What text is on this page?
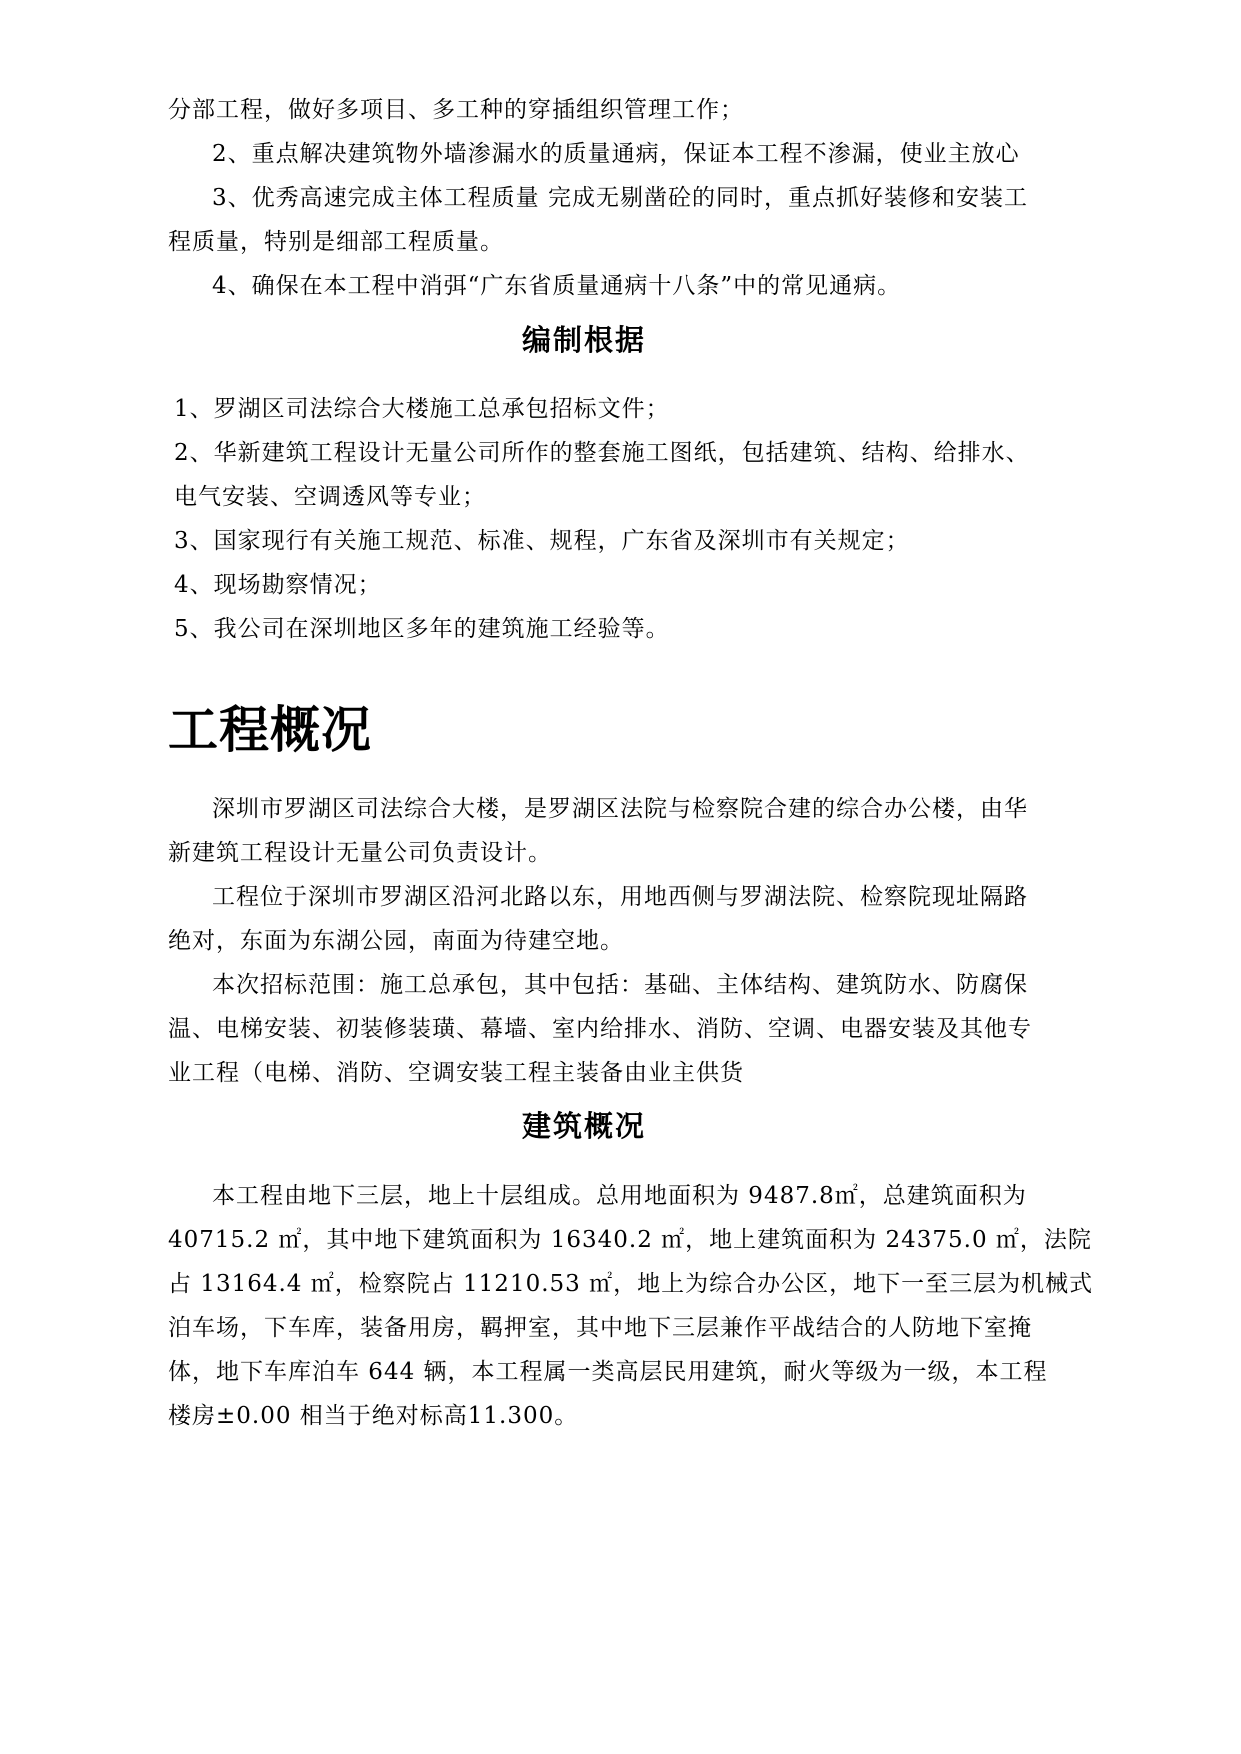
分部工程，做好多项目、多工种的穿插组织管理工作；

2、重点解决建筑物外墙渗漏水的质量通病，保证本工程不渗漏，使业主放心

3、优秀高速完成主体工程质量 完成无剔凿砼的同时，重点抓好装修和安装工

程质量，特别是细部工程质量。

4、确保在本工程中消弭“广东省质量通病十八条”中的常见通病。

编制根据

1、罗湖区司法综合大楼施工总承包招标文件；

2、华新建筑工程设计无量公司所作的整套施工图纸，包括建筑、结构、给排水、

电气安装、空调透风等专业；

3、国家现行有关施工规范、标准、规程，广东省及深圳市有关规定；

4、现场勘察情况；

5、我公司在深圳地区多年的建筑施工经验等。

工程概况

深圳市罗湖区司法综合大楼，是罗湖区法院与检察院合建的综合办公楼，由华

新建筑工程设计无量公司负责设计。

工程位于深圳市罗湖区沿河北路以东，用地西侧与罗湖法院、检察院现址隔路

绝对，东面为东湖公园，南面为待建空地。

本次招标范围：施工总承包，其中包括：基础、主体结构、建筑防水、防腐保

温、电梯安装、初装修装璜、幕墙、室内给排水、消防、空调、电器安装及其他专

业工程（电梯、消防、空调安装工程主装备由业主供货

建筑概况

本工程由地下三层，地上十层组成。总用地面积为 9487.8㎡，总建筑面积为

40715.2 ㎡，其中地下建筑面积为 16340.2 ㎡，地上建筑面积为 24375.0 ㎡，法院

占 13164.4 ㎡，检察院占 11210.53 ㎡，地上为综合办公区，地下一至三层为机械式

泊车场，下车库，装备用房，羁押室，其中地下三层兼作平战结合的人防地下室掩

体，地下车库泊车 644 辆，本工程属一类高层民用建筑，耐火等级为一级，本工程

楼房±0.00 相当于绝对标高11.300。
